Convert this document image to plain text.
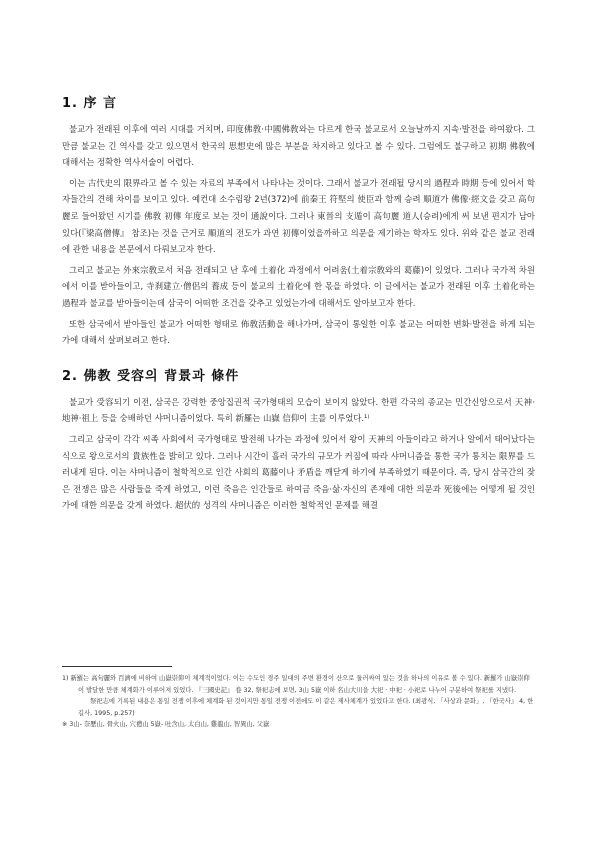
1. 序 言

불교가 전래된 이후에 여러 시대를 거치며, 印度佛敎·中國佛敎와는 다르게 한국 불교로서 오늘날까지 지속·발전을 하여왔다. 그 만큼 불교는 긴 역사를 갖고 있으면서 한국의 思想史에 많은 부분을 차지하고 있다고 볼 수 있다. 그럼에도 불구하고 初期 佛敎에 대해서는 정확한 역사서술이 어렵다.

이는 古代史의 限界라고 볼 수 있는 자료의 부족에서 나타나는 것이다. 그래서 불교가 전래될 당시의 過程과 時期 등에 있어서 학자들간의 견해 차이를 보이고 있다. 예컨대 소수림왕 2년(372)에 前秦王 符堅의 使臣과 함께 승려 順道가 佛像·經文을 갖고 高句麗로 들어왔던 시기를 佛敎 初傳 年度로 보는 것이 通說이다. 그러나 東晉의 支遁이 高句麗 道人(승려)에게 써 보낸 편지가 남아 있다(『梁高僧傳』 참조)는 것을 근거로 順道의 전도가 과연 初傳이었을까하고 의문을 제기하는 학자도 있다. 위와 같은 불교 전래에 관한 내용을 본문에서 다뤄보고자 한다.

그리고 불교는 外來宗敎로서 처음 전래되고 난 후에 土着化 과정에서 어려움(土着宗敎와의 葛藤)이 있었다. 그러나 국가적 차원에서 이를 받아들이고, 寺刹建立·僧侶의 養成 등이 불교의 土着化에 한 몫을 하였다. 이 글에서는 불교가 전래된 이후 土着化하는 過程과 불교를 받아들이는데 삼국이 어떠한 조건을 갖추고 있었는가에 대해서도 알아보고자 한다.

또한 삼국에서 받아들인 불교가 어떠한 형태로 佈敎活動을 해나가며, 삼국이 통일한 이후 불교는 어떠한 변화·발전을 하게 되는가에 대해서 살펴보려고 한다.

2. 佛教 受容의 背景과 條件

불교가 受容되기 이전, 삼국은 강력한 중앙집권적 국가형태의 모습이 보이지 않았다. 한편 각국의 종교는 민간신앙으로서 天神·地神·祖上 등을 숭배하던 샤머니즘이었다. 특히 新羅는 山嶽 信仰이 主를 이루었다.¹⁾

그리고 삼국이 각각 씨족 사회에서 국가형태로 발전해 나가는 과정에 있어서 왕이 天神의 아들이라고 하거나 알에서 태어났다는 식으로 왕으로서의 貴族性을 밝히고 있다. 그러나 시간이 흘러 국가의 규모가 커짐에 따라 샤머니즘을 통한 국가 통치는 限界를 드러내게 된다. 이는 샤머니즘이 철학적으로 인간 사회의 葛藤이나 矛盾을 깨닫게 하기에 부족하였기 때문이다. 즉, 당시 삼국간의 잦은 전쟁은 많은 사람들을 죽게 하였고, 이런 죽음은 인간들로 하여금 죽음·삶·자신의 존재에 대한 의문과 死後에는 어떻게 될 것인가에 대한 의문을 갖게 하였다. 超伏的 성격의 샤머니즘은 이러한 철학적인 문제를 해결

1) 新羅는 高句麗와 百濟에 비하여 山嶽崇仰이 체계적이었다. 이는 수도인 경주 일대의 주변 환경이 산으로 둘러싸여 있는 것을 하나의 이유로 볼 수 있다. 新羅가 山嶽崇仰이 발달한 만큼 체계화가 이루어져 있었다. 『三國史記』 卷 32, 祭祀志에 보면, 3山 5嶽 이하 名山大川을 大祀 · 中祀 · 小祀로 나누어 구분하여 祭祀를 지냈다.

祭祀志에 기록된 내용은 통일 전쟁 이후에 체계화 된 것이지만 통일 전쟁 이전에도 이 같은 제사체계가 있었다고 한다. (최광식, 「사상과 문화」, 『한국사』 4, 한길사, 1995, p.257)

※ 3山- 奈歷山, 骨火山, 穴禮山 5嶽- 吐含山, 太白山, 雞龍山, 智異山, 父嶽
